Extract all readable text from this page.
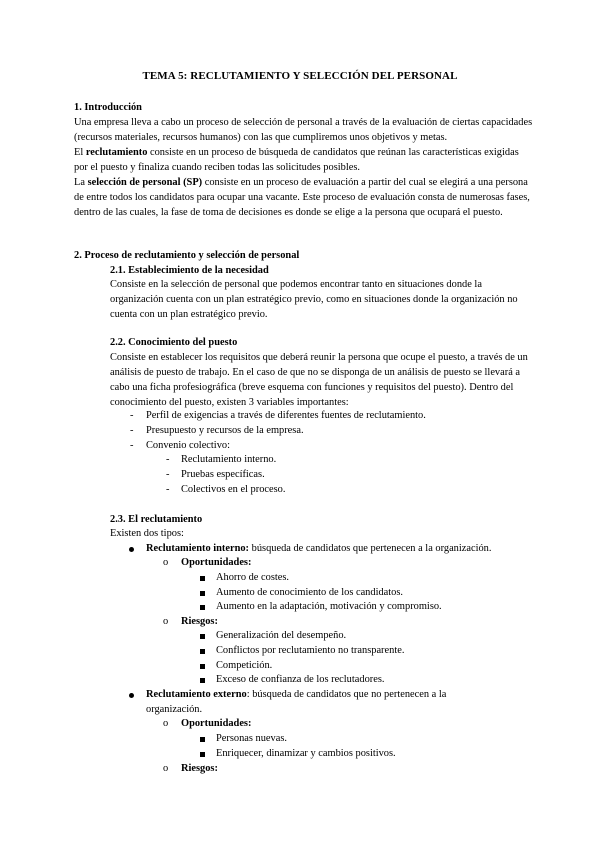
TEMA 5: RECLUTAMIENTO Y SELECCIÓN DEL PERSONAL
1. Introducción
Una empresa lleva a cabo un proceso de selección de personal a través de la evaluación de ciertas capacidades (recursos materiales, recursos humanos) con las que cumpliremos unos objetivos y metas.
El reclutamiento consiste en un proceso de búsqueda de candidatos que reúnan las características exigidas por el puesto y finaliza cuando reciben todas las solicitudes posibles.
La selección de personal (SP) consiste en un proceso de evaluación a partir del cual se elegirá a una persona de entre todos los candidatos para ocupar una vacante. Este proceso de evaluación consta de numerosas fases, dentro de las cuales, la fase de toma de decisiones es donde se elige a la persona que ocupará el puesto.
2. Proceso de reclutamiento y selección de personal
2.1. Establecimiento de la necesidad
Consiste en la selección de personal que podemos encontrar tanto en situaciones donde la organización cuenta con un plan estratégico previo, como en situaciones donde la organización no cuenta con un plan estratégico previo.
2.2. Conocimiento del puesto
Consiste en establecer los requisitos que deberá reunir la persona que ocupe el puesto, a través de un análisis de puesto de trabajo. En el caso de que no se disponga de un análisis de puesto se llevará a cabo una ficha profesiográfica (breve esquema con funciones y requisitos del puesto). Dentro del conocimiento del puesto, existen 3 variables importantes:
- Perfil de exigencias a través de diferentes fuentes de reclutamiento.
- Presupuesto y recursos de la empresa.
- Convenio colectivo:
- Reclutamiento interno.
- Pruebas específicas.
- Colectivos en el proceso.
2.3. El reclutamiento
Existen dos tipos:
Reclutamiento interno: búsqueda de candidatos que pertenecen a la organización.
o Oportunidades:
Ahorro de costes.
Aumento de conocimiento de los candidatos.
Aumento en la adaptación, motivación y compromiso.
o Riesgos:
Generalización del desempeño.
Conflictos por reclutamiento no transparente.
Competición.
Exceso de confianza de los reclutadores.
Reclutamiento externo: búsqueda de candidatos que no pertenecen a la organización.
o Oportunidades:
Personas nuevas.
Enriquecer, dinamizar y cambios positivos.
o Riesgos:
